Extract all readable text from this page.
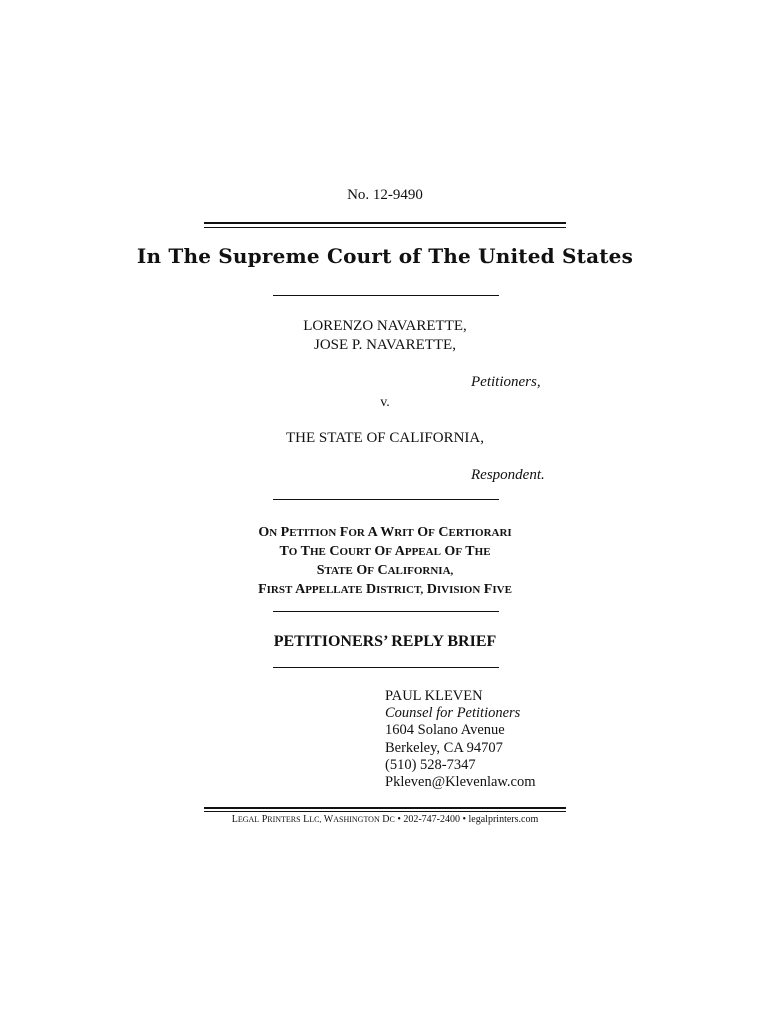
No. 12-9490
In The Supreme Court of The United States
LORENZO NAVARETTE,
JOSE P. NAVARETTE,
Petitioners,
v.
THE STATE OF CALIFORNIA,
Respondent.
ON PETITION FOR A WRIT OF CERTIORARI
TO THE COURT OF APPEAL OF THE
STATE OF CALIFORNIA,
FIRST APPELLATE DISTRICT, DIVISION FIVE
PETITIONERS’ REPLY BRIEF
PAUL KLEVEN
Counsel for Petitioners
1604 Solano Avenue
Berkeley, CA 94707
(510) 528-7347
Pkleven@Klevenlaw.com
LEGAL PRINTERS LLC, WASHINGTON DC • 202-747-2400 • legalprinters.com
